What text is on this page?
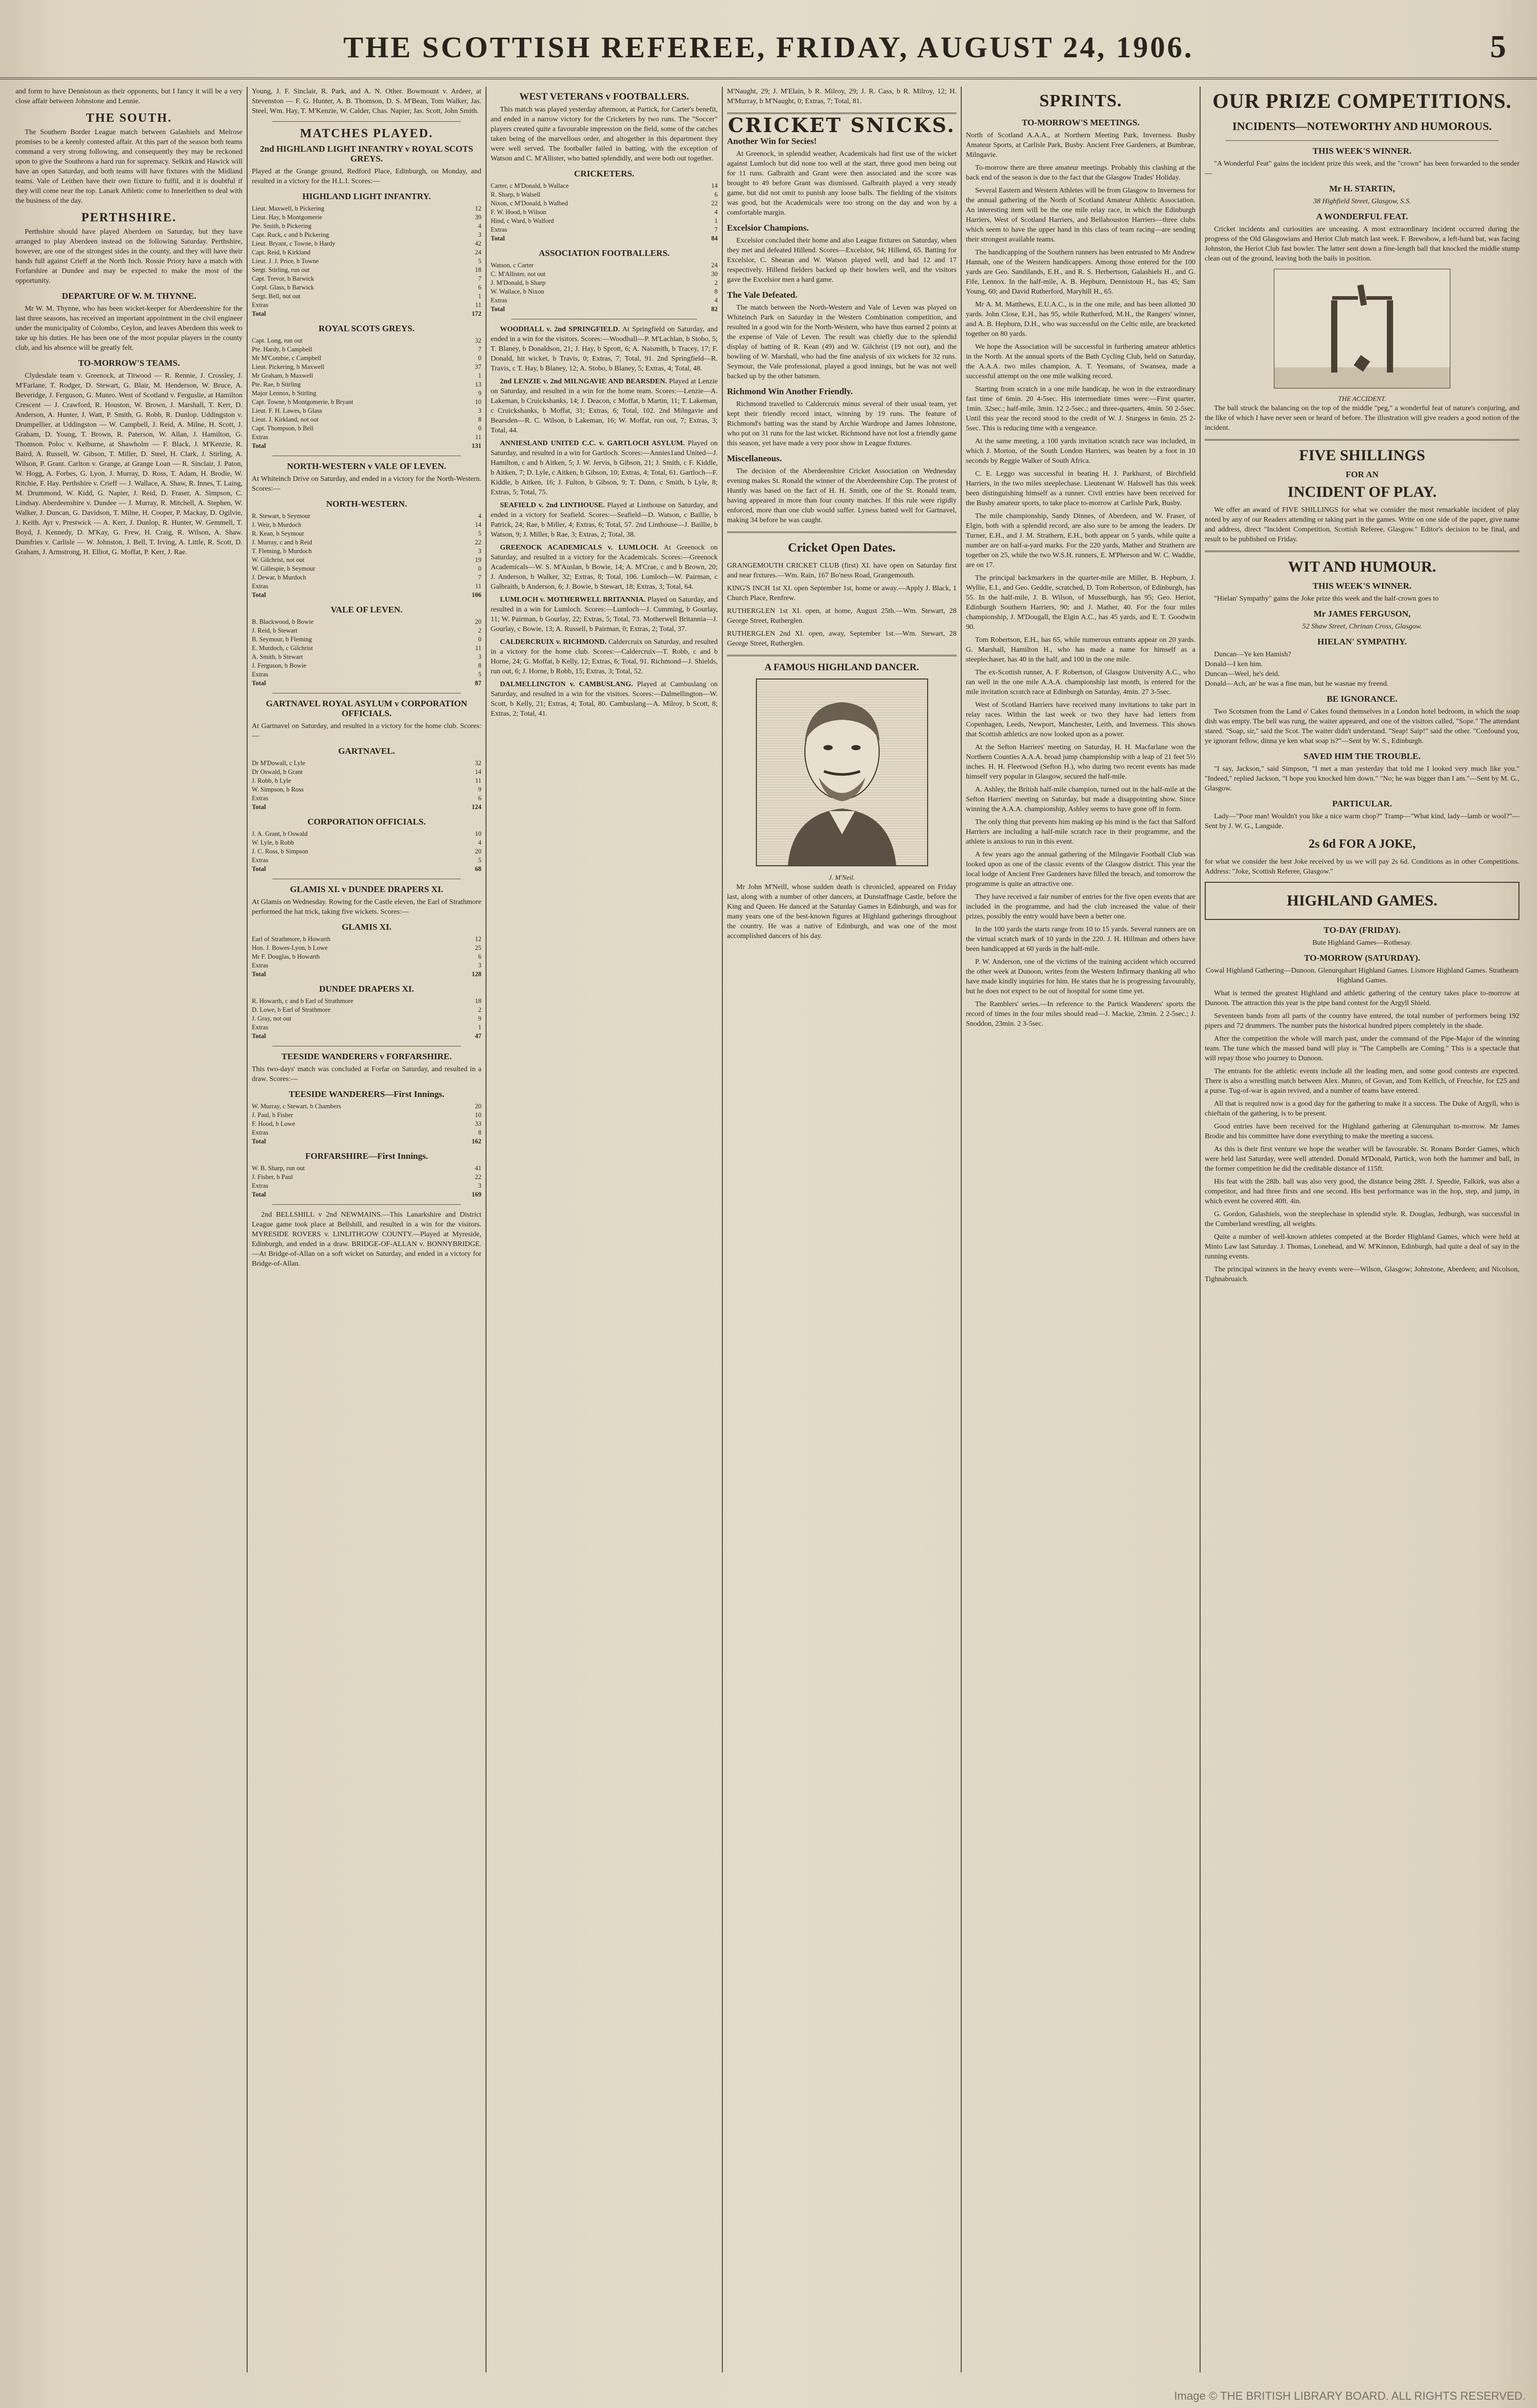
THE SCOTTISH REFEREE, FRIDAY, AUGUST 24, 1906.	5

and form to have Dennistoun as their opponents, but I fancy it will be a very close affair between Johnstone and Lennie.

THE SOUTH.

The Southern Border League match between Galashiels and Melrose promises to be a keenly contested affair. At this part of the season both teams command a very strong following, and consequently they may be reckoned upon to give the Southrons a hard run for supremacy. Selkirk and Hawick will have an open Saturday, and both teams will have fixtures with the Midland teams. Vale of Leithen have their own fixture to fulfil, and it is doubtful if they will come near the top. Lanark Athletic come to Innerleithen to deal with the business of the day.

PERTHSHIRE.

Perthshire should have played Aberdeen on Saturday, but they have arranged to play Aberdeen instead on the following Saturday. Perthshire, however, are one of the strongest sides in the county, and they will have their hands full against Crieff at the North Inch. Rossie Priory have a match with Forfarshire at Dundee and may be expected to make the most of the opportunity.

DEPARTURE OF W. M. THYNNE.

Mr W. M. Thynne, who has been wicket-keeper for Aberdeenshire for the last three seasons, has received an important appointment in the civil engineer under the municipality of Colombo, Ceylon, and leaves Aberdeen this week to take up his duties. He has been one of the most popular players in the county club, and his absence will be greatly felt.

TO-MORROW'S TEAMS.

Clydesdale team v. Greenock, at Titwood — R. Rennie, J. Crossley, J. M'Farlane, T. Rodger, D. Stewart, G. Blair, M. Henderson, W. Bruce, A. Beveridge, J. Ferguson, G. Munro. West of Scotland v. Ferguslie, at Hamilton Crescent — J. Crawford, R. Houston, W. Brown, J. Marshall, T. Kerr, D. Anderson, A. Hunter, J. Watt, P. Smith, G. Robb, R. Dunlop. Uddingston v. Drumpellier, at Uddingston — W. Campbell, J. Reid, A. Milne, H. Scott, J. Graham, D. Young, T. Brown, R. Paterson, W. Allan, J. Hamilton, G. Thomson. Poloc v. Kelburne, at Shawholm — F. Black, J. M'Kenzie, R. Baird, A. Russell, W. Gibson, T. Miller, D. Steel, H. Clark, J. Stirling, A. Wilson, P. Grant. Carlton v. Grange, at Grange Loan — R. Sinclair, J. Paton, W. Hogg, A. Forbes, G. Lyon, J. Murray, D. Ross, T. Adam, H. Brodie, W. Ritchie, F. Hay. Perthshire v. Crieff — J. Wallace, A. Shaw, R. Innes, T. Laing, M. Drummond, W. Kidd, G. Napier, J. Reid, D. Fraser, A. Simpson, C. Lindsay. Aberdeenshire v. Dundee — J. Murray, R. Mitchell, A. Stephen, W. Walker, J. Duncan, G. Davidson, T. Milne, H. Cooper, P. Mackay, D. Ogilvie, J. Keith. Ayr v. Prestwick — A. Kerr, J. Dunlop, R. Hunter, W. Gemmell, T. Boyd, J. Kennedy, D. M'Kay, G. Frew, H. Craig, R. Wilson, A. Shaw. Dumfries v. Carlisle — W. Johnston, J. Bell, T. Irving, A. Little, R. Scott, D. Graham, J. Armstrong, H. Elliot, G. Moffat, P. Kerr, J. Rae.

Young, J. F. Sinclair, R. Park, and A. N. Other. Bowmount v. Ardeer, at Stevenston — F. G. Hunter, A. B. Thomson, D. S. M'Bean, Tom Walker, Jas. Steel, Wm. Hay, T. M'Kenzie, W. Calder, Chas. Napier, Jas. Scott, John Smith.

MATCHES PLAYED.
2nd HIGHLAND LIGHT INFANTRY v ROYAL SCOTS GREYS.

Played at the Grange ground, Redford Place, Edinburgh, on Monday, and resulted in a victory for the H.L.I. Scores:—

HIGHLAND LIGHT INFANTRY.
Lieut. Maxwell, b Pickering	12
Lieut. Hay, b Montgomerie	39
Pte. Smith, b Pickering	4
Capt. Ruck, c and b Pickering	3
Lieut. Bryant, c Towne, b Hardy	42
Capt. Reid, b Kirkland	24
Lieut. J. J. Price, b Towne	5
Sergt. Stirling, run out	18
Capt. Trevor, b Barwick	7
Corpl. Glass, b Barwick	6
Sergt. Bell, not out	1
Extras	11
Total	172
ROYAL SCOTS GREYS.
Capt. Long, run out	32
Pte. Hardy, b Campbell	7
Mr M'Combie, c Campbell	0
Lieut. Pickering, b Maxwell	37
Mr Graham, b Maxwell	1
Pte. Rae, b Stirling	13
Major Lennox, b Stirling	9
Capt. Towne, b Montgomerie, b Bryant	10
Lieut. F. H. Lawes, b Glass	3
Lieut. J. Kirkland, not out	8
Capt. Thompson, b Bell	0
Extras	11
Total	131
NORTH-WESTERN v VALE OF LEVEN.

At Whiteinch Drive on Saturday, and ended in a victory for the North-Western. Scores:—

NORTH-WESTERN.
R. Stewart, b Seymour	4
J. Weir, b Murdoch	14
R. Kean, b Seymour	5
J. Murray, c and b Reid	22
T. Fleming, b Murdoch	3
W. Gilchrist, not out	19
W. Gillespie, b Seymour	0
J. Dewar, b Murdoch	7
Extras	11
Total	106
VALE OF LEVEN.
B. Blackwood, b Bowie	20
J. Reid, b Stewart	2
B. Seymour, b Fleming	0
E. Murdoch, c Gilchrist	11
A. Smith, b Stewart	3
J. Ferguson, b Bowie	8
Extras	5
Total	87
GARTNAVEL ROYAL ASYLUM v CORPORATION OFFICIALS.

At Gartnavel on Saturday, and resulted in a victory for the home club. Scores:—

GARTNAVEL.
Dr M'Dowall, c Lyle	32
Dr Oswald, b Grant	14
J. Robb, b Lyle	11
W. Simpson, b Ross	9
Extras	6
Total	124
CORPORATION OFFICIALS.
J. A. Grant, b Oswald	10
W. Lyle, b Robb	4
J. C. Ross, b Simpson	20
Extras	5
Total	68
GLAMIS XI. v DUNDEE DRAPERS XI.

At Glamis on Wednesday. Rowing for the Castle eleven, the Earl of Strathmore performed the hat trick, taking five wickets. Scores:—

GLAMIS XI.
Earl of Strathmore, b Howarth	12
Hon. J. Bowes-Lyon, b Lowe	25
Mr F. Douglas, b Howarth	6
Extras	3
Total	128
DUNDEE DRAPERS XI.
R. Howarth, c and b Earl of Strathmore	18
D. Lowe, b Earl of Strathmore	2
J. Gray, not out	9
Extras	1
Total	47
TEESIDE WANDERERS v FORFARSHIRE.

This two-days' match was concluded at Forfar on Saturday, and resulted in a draw. Scores:—

TEESIDE WANDERERS—First Innings.
W. Murray, c Stewart, b Chambers	20
J. Paul, b Fisher	10
F. Hood, b Lowe	33
Extras	8
Total	162
FORFARSHIRE—First Innings.
W. B. Sharp, run out	41
J. Fisher, b Paul	22
Extras	3
Total	169

2nd BELLSHILL v 2nd NEWMAINS.—This Lanarkshire and District League game took place at Bellshill, and resulted in a win for the visitors. MYRESIDE ROVERS v. LINLITHGOW COUNTY.—Played at Myreside, Edinburgh, and ended in a draw. BRIDGE-OF-ALLAN v. BONNYBRIDGE.—At Bridge-of-Allan on a soft wicket on Saturday, and ended in a victory for Bridge-of-Allan.

WEST VETERANS v FOOTBALLERS.

This match was played yesterday afternoon, at Partick, for Carter's benefit, and ended in a narrow victory for the Cricketers by two runs. The "Soccer" players created quite a favourable impression on the field, some of the catches taken being of the marvellous order, and altogether in this department they were well served. The footballer failed in batting, with the exception of Watson and C. M'Allister, who batted splendidly, and were both out together.

CRICKETERS.
Carter, c M'Donald, b Wallace	14
R. Sharp, b Walsell	6
Nixon, c M'Donald, b Walbed	22
F. W. Hood, b Wilson	4
Hind, c Ward, b Walford	1
Extras	7
Total	84
ASSOCIATION FOOTBALLERS.
Watson, c Carter	24
C. M'Allister, not out	30
J. M'Donald, b Sharp	2
W. Wallace, b Nixon	8
Extras	4
Total	82

WOODHALL v. 2nd SPRINGFIELD. At Springfield on Saturday, and ended in a win for the visitors. Scores:—Woodhall—P. M'Lachlan, b Stobo, 5; T. Blaney, b Donaldson, 21; J. Hay, b Sprott, 6; A. Naismith, b Tracey, 17; F. Donald, hit wicket, b Travis, 0; Extras, 7; Total, 91. 2nd Springfield—R. Travis, c T. Hay, b Blaney, 12; A. Stobo, b Blaney, 5; Extras, 4; Total, 48.

2nd LENZIE v. 2nd MILNGAVIE AND BEARSDEN. Played at Lenzie on Saturday, and resulted in a win for the home team. Scores:—Lenzie—A. Lakeman, b Cruickshanks, 14; J. Deacon, c Moffat, b Martin, 11; T. Lakeman, c Cruickshanks, b Moffat, 31; Extras, 6; Total, 102. 2nd Milngavie and Bearsden—R. C. Wilson, b Lakeman, 16; W. Moffat, run out, 7; Extras, 3; Total, 44.

ANNIESLAND UNITED C.C. v. GARTLOCH ASYLUM. Played on Saturday, and resulted in a win for Gartloch. Scores:—Annies1and United—J. Hamilton, c and b Aitken, 5; J. W. Jervis, b Gibson, 21; J. Smith, c F. Kiddle, b Aitken, 7; D. Lyle, c Aitken, b Gibson, 10; Extras, 4; Total, 61. Gartloch—F. Kiddle, b Aitken, 16; J. Fulton, b Gibson, 9; T. Dunn, c Smith, b Lyle, 8; Extras, 5; Total, 75.

SEAFIELD v. 2nd LINTHOUSE. Played at Linthouse on Saturday, and ended in a victory for Seafield. Scores:—Seafield—D. Watson, c Baillie, b Patrick, 24; Rae, b Miller, 4; Extras, 6; Total, 57. 2nd Linthouse—J. Baillie, b Watson, 9; J. Miller, b Rae, 3; Extras, 2; Total, 38.

GREENOCK ACADEMICALS v. LUMLOCH. At Greenock on Saturday, and resulted in a victory for the Academicals. Scores:—Greenock Academicals—W. S. M'Auslan, b Bowie, 14; A. M'Crae, c and b Brown, 20; J. Anderson, b Walker, 32; Extras, 8; Total, 106. Lumloch—W. Pairman, c Galbraith, b Anderson, 6; J. Bowie, b Stewart, 18; Extras, 3; Total, 64.

LUMLOCH v. MOTHERWELL BRITANNIA. Played on Saturday, and resulted in a win for Lumloch. Scores:—Lumloch—J. Cumming, b Gourlay, 11; W. Pairman, b Gourlay, 22; Extras, 5; Total, 73. Motherwell Britannia—J. Gourlay, c Bowie, 13; A. Russell, b Pairman, 0; Extras, 2; Total, 37.

CALDERCRUIX v. RICHMOND. Caldercruix on Saturday, and resulted in a victory for the home club. Scores:—Caldercruix—T. Robb, c and b Horne, 24; G. Moffat, b Kelly, 12; Extras, 6; Total, 91. Richmond—J. Shields, run out, 6; J. Horne, b Robb, 15; Extras, 3; Total, 52.

DALMELLINGTON v. CAMBUSLANG. Played at Cambuslang on Saturday, and resulted in a win for the visitors. Scores:—Dalmellington—W. Scott, b Kelly, 21; Extras, 4; Total, 80. Cambuslang—A. Milroy, b Scott, 8; Extras, 2; Total, 41.

M'Naught, 29; J. M'Elain, b R. Milroy, 29; J. R. Cass, b R. Milroy, 12; H. M'Murray, b M'Naught, 0; Extras, 7; Total, 81.

CRICKET SNICKS.
Another Win for Secies!

At Greenock, in splendid weather, Academicals had first use of the wicket against Lumloch but did none too well at the start, three good men being out for 11 runs. Galbraith and Grant were then associated and the score was brought to 49 before Grant was dismissed. Galbraith played a very steady game, but did not omit to punish any loose balls. The fielding of the visitors was good, but the Academicals were too strong on the day and won by a comfortable margin.

Excelsior Champions.

Excelsior concluded their home and also League fixtures on Saturday, when they met and defeated Hillend. Scores—Excelsior, 94; Hillend, 65. Batting for Excelsior, C. Shearan and W. Watson played well, and had 12 and 17 respectively. Hillend fielders backed up their bowlers well, and the visitors gave the Excelsior men a hard game.

The Vale Defeated.

The match between the North-Western and Vale of Leven was played on Whiteinch Park on Saturday in the Western Combination competition, and resulted in a good win for the North-Western, who have thus earned 2 points at the expense of Vale of Leven. The result was chiefly due to the splendid display of batting of R. Kean (49) and W. Gilchrist (19 not out), and the bowling of W. Marshall, who had the fine analysis of six wickets for 32 runs. Seymour, the Vale professional, played a good innings, but he was not well backed up by the other batsmen.

Richmond Win Another Friendly.

Richmond travelled to Caldercruix minus several of their usual team, yet kept their friendly record intact, winning by 19 runs. The feature of Richmond's batting was the stand by Archie Wardrope and James Johnstone, who put on 31 runs for the last wicket. Richmond have not lost a friendly game this season, yet have made a very poor show in League fixtures.

Miscellaneous.

The decision of the Aberdeenshire Cricket Association on Wednesday evening makes St. Ronald the winner of the Aberdeenshire Cup. The protest of Huntly was based on the fact of H. H. Smith, one of the St. Ronald team, having appeared in more than four county matches. If this rule were rigidly enforced, more than one club would suffer. Lyness batted well for Gartnavel, making 34 before he was caught.

Cricket Open Dates.

GRANGEMOUTH CRICKET CLUB (first) XI. have open on Saturday first and near fixtures.—Wm. Rain, 167 Bo'ness Road, Grangemouth.

KING'S INCH 1st XI. open September 1st, home or away.—Apply J. Black, 1 Church Place, Renfrew.

RUTHERGLEN 1st XI. open, at home, August 25th.—Wm. Stewart, 28 George Street, Rutherglen.

RUTHERGLEN 2nd XI. open, away, September 1st.—Wm. Stewart, 28 George Street, Rutherglen.

A FAMOUS HIGHLAND DANCER.
J. M'Neil.

Mr John M'Neill, whose sudden death is chronicled, appeared on Friday last, along with a number of other dancers, at Dunstaffnage Castle, before the King and Queen. He danced at the Saturday Games in Edinburgh, and was for many years one of the best-known figures at Highland gatherings throughout the country. He was a native of Edinburgh, and was one of the most accomplished dancers of his day.

SPRINTS.
TO-MORROW'S MEETINGS.

North of Scotland A.A.A., at Northern Meeting Park, Inverness. Busby Amateur Sports, at Carlisle Park, Busby. Ancient Free Gardeners, at Bumbrae, Milngavie.

To-morrow there are three amateur meetings. Probably this clashing at the back end of the season is due to the fact that the Glasgow Trades' Holiday.

Several Eastern and Western Athletes will be from Glasgow to Inverness for the annual gathering of the North of Scotland Amateur Athletic Association. An interesting item will be the one mile relay race, in which the Edinburgh Harriers, West of Scotland Harriers, and Bellahouston Harriers—three clubs which seem to have the upper hand in this class of team racing—are sending their strongest available teams.

The handicapping of the Southern runners has been entrusted to Mr Andrew Hannah, one of the Western handicappers. Among those entered for the 100 yards are Geo. Sandilands, E.H., and R. S. Herbertson, Galashiels H., and G. Fife, Lennox. In the half-mile, A. B. Hepburn, Dennistoun H., has 45; Sam Young, 60; and David Rutherford, Maryhill H., 65.

Mr A. M. Matthews, E.U.A.C., is in the one mile, and has been allotted 30 yards. John Close, E.H., has 95, while Rutherford, M.H., the Rangers' winner, and A. B. Hepburn, D.H., who was successful on the Celtic mile, are bracketed together on 80 yards.

We hope the Association will be successful in furthering amateur athletics in the North. At the annual sports of the Bath Cycling Club, held on Saturday, the A.A.A. two miles champion, A. T. Yeomans, of Swansea, made a successful attempt on the one mile walking record.

Starting from scratch in a one mile handicap, he won in the extraordinary fast time of 6min. 20 4-5sec. His intermediate times were:—First quarter, 1min. 32sec.; half-mile, 3min. 12 2-5sec.; and three-quarters, 4min. 50 2-5sec. Until this year the record stood to the credit of W. J. Sturgess in 6min. 25 2-5sec. This is reducing time with a vengeance.

At the same meeting, a 100 yards invitation scratch race was included, in which J. Morton, of the South London Harriers, was beaten by a foot in 10 seconds by Reggie Walker of South Africa.

C. E. Leggo was successful in beating H. J. Parkhurst, of Birchfield Harriers, in the two miles steeplechase. Lieutenant W. Halswell has this week been distinguishing himself as a runner. Civil entries have been received for the Busby amateur sports, to take place to-morrow at Carlisle Park, Busby.

The mile championship, Sandy Dinnes, of Aberdeen, and W. Fraser, of Elgin, both with a splendid record, are also sure to be among the leaders. Dr Turner, E.H., and J. M. Strathern, E.H., both appear on 5 yards, while quite a number are on half-a-yard marks. For the 220 yards, Mather and Strathern are together on 25, while the two W.S.H. runners, E. M'Pherson and W. C. Waddie, are on 17.

The principal backmarkers in the quarter-mile are Miller, B. Hepburn, J. Wyllie, E.I., and Geo. Geddie, scratched, D. Tom Robertson, of Edinburgh, has 55. In the half-mile, J. B. Wilson, of Musselburgh, has 95; Geo. Heriot, Edinburgh Southern Harriers, 90; and J. Mather, 40. For the four miles championship, J. M'Dougall, the Elgin A.C., has 45 yards, and E. T. Goodwin 90.

Tom Robertson, E.H., has 65, while numerous entrants appear on 20 yards. G. Marshall, Hamilton H., who has made a name for himself as a steeplechaser, has 40 in the half, and 100 in the one mile.

The ex-Scottish runner, A. F. Robertson, of Glasgow University A.C., who ran well in the one mile A.A.A. championship last month, is entered for the mile invitation scratch race at Edinburgh on Saturday, 4min. 27 3-5sec.

West of Scotland Harriers have received many invitations to take part in relay races. Within the last week or two they have had letters from Copenhagen, Leeds, Newport, Manchester, Leith, and Inverness. This shows that Scottish athletics are now looked upon as a power.

At the Sefton Harriers' meeting on Saturday, H. H. Macfarlane won the Northern Counties A.A.A. broad jump championship with a leap of 21 feet 5½ inches. H. H. Fleetwood (Sefton H.), who during two recent events has made himself very popular in Glasgow, secured the half-mile.

A. Ashley, the British half-mile champion, turned out in the half-mile at the Sefton Harriers' meeting on Saturday, but made a disappointing show. Since winning the A.A.A. championship, Ashley seems to have gone off in form.

The only thing that prevents him making up his mind is the fact that Salford Harriers are including a half-mile scratch race in their programme, and the athlete is anxious to run in this event.

A few years ago the annual gathering of the Milngavie Football Club was looked upon as one of the classic events of the Glasgow district. This year the local lodge of Ancient Free Gardeners have filled the breach, and tomorrow the programme is quite an attractive one.

They have received a fair number of entries for the five open events that are included in the programme, and had the club increased the value of their prizes, possibly the entry would have been a better one.

In the 100 yards the starts range from 10 to 15 yards. Several runners are on the virtual scratch mark of 10 yards in the 220. J. H. Hillman and others have been handicapped at 60 yards in the half-mile.

P. W. Anderson, one of the victims of the training accident which occurred the other week at Dunoon, writes from the Western Infirmary thanking all who have made kindly inquiries for him. He states that he is progressing favourably, but he does not expect to be out of hospital for some time yet.

The Ramblers' series.—In reference to the Partick Wanderers' sports the record of times in the four miles should read—J. Mackie, 23min. 2 2-5sec.; J. Snoddon, 23min. 2 3-5sec.

OUR PRIZE COMPETITIONS.
INCIDENTS—NOTEWORTHY AND HUMOROUS.
THIS WEEK'S WINNER.

"A Wonderful Feat" gains the incident prize this week, and the "crown" has been forwarded to the sender—

Mr H. STARTIN,
38 Highfield Street, Glasgow, S.S.
A WONDERFUL FEAT.

Cricket incidents and curiosities are unceasing. A most extraordinary incident occurred during the progress of the Old Glasgowians and Heriot Club match last week. F. Brewsbow, a left-hand bat, was facing Johnston, the Heriot Club fast bowler. The latter sent down a fine-length ball that knocked the middle stump clean out of the ground, leaving both the bails in position.

THE ACCIDENT.

The ball struck the balancing on the top of the middle "peg," a wonderful feat of nature's conjuring, and the like of which I have never seen or heard of before. The illustration will give readers a good notion of the incident.

FIVE SHILLINGS
FOR AN
INCIDENT OF PLAY.

We offer an award of FIVE SHILLINGS for what we consider the most remarkable incident of play noted by any of our Readers attending or taking part in the games. Write on one side of the paper, give name and address, direct "Incident Competition, Scottish Referee, Glasgow." Editor's decision to be final, and result to be published on Friday.

WIT AND HUMOUR.
THIS WEEK'S WINNER.

"Hielan' Sympathy" gains the Joke prize this week and the half-crown goes to

Mr JAMES FERGUSON,
52 Shaw Street, Chrinan Cross, Glasgow.
HIELAN' SYMPATHY.

Duncan—Ye ken Hamish?
Donald—I ken him.
Duncan—Weel, he's deid.
Donald—Ach, an' he was a fine man, but he wasnae my freend.

BE IGNORANCE.

Two Scotsmen from the Land o' Cakes found themselves in a London hotel bedroom, in which the soap dish was empty. The bell was rung, the waiter appeared, and one of the visitors called, "Sope." The attendant stared. "Soap, sir," said the Scot. The waiter didn't understand. "Seap! Saip!" said the other. "Confound you, ye ignorant fellow, dinna ye ken what soap is?"—Sent by W. S., Edinburgh.

SAVED HIM THE TROUBLE.

"I say, Jackson," said Simpson, "I met a man yesterday that told me I looked very much like you." "Indeed," replied Jackson, "I hope you knocked him down." "No; he was bigger than I am."—Sent by M. G., Glasgow.

PARTICULAR.

Lady—"Poor man! Wouldn't you like a nice warm chop?" Tramp—"What kind, lady—lamb or wool?"—Sent by J. W. G., Langside.

2s 6d FOR A JOKE,

for what we consider the best Joke received by us we will pay 2s 6d. Conditions as in other Competitions. Address: "Joke, Scottish Referee, Glasgow."

HIGHLAND GAMES.
TO-DAY (FRIDAY).

Bute Highland Games—Rothesay.

TO-MORROW (SATURDAY).

Cowal Highland Gathering—Dunoon. Glenurquhart Highland Games. Lismore Highland Games. Strathearn Highland Games.

What is termed the greatest Highland and athletic gathering of the century takes place to-morrow at Dunoon. The attraction this year is the pipe band contest for the Argyll Shield.

Seventeen bands from all parts of the country have entered, the total number of performers being 192 pipers and 72 drummers. The number puts the historical hundred pipers completely in the shade.

After the competition the whole will march past, under the command of the Pipe-Major of the winning team. The tune which the massed band will play is "The Campbells are Coming." This is a spectacle that will repay those who journey to Dunoon.

The entrants for the athletic events include all the leading men, and some good contests are expected. There is also a wrestling match between Alex. Munro, of Govan, and Tom Kellich, of Freuchie, for £25 and a purse. Tug-of-war is again revived, and a number of teams have entered.

All that is required now is a good day for the gathering to make it a success. The Duke of Argyll, who is chieftain of the gathering, is to be present.

Good entries have been received for the Highland gathering at Glenurquhart to-morrow. Mr James Brodie and his committee have done everything to make the meeting a success.

As this is their first venture we hope the weather will be favourable. St. Ronans Border Games, which were held last Saturday, were well attended. Donald M'Donald, Partick, won both the hammer and ball, in the former competition he did the creditable distance of 115ft.

His feat with the 28lb. ball was also very good, the distance being 28ft. J. Speedie, Falkirk, was also a competitor, and had three firsts and one second. His best performance was in the hop, step, and jump, in which event he covered 40ft. 4in.

G. Gordon, Galashiels, won the steeplechase in splendid style. R. Douglas, Jedburgh, was successful in the Cumberland wrestling, all weights.

Quite a number of well-known athletes competed at the Border Highland Games, which were held at Minto Law last Saturday. J. Thomas, Lonehead, and W. M'Kinnon, Edinburgh, had quite a deal of say in the running events.

The principal winners in the heavy events were—Wilson, Glasgow; Johnstone, Aberdeen; and Nicolson, Tighnabruaich.

Image © THE BRITISH LIBRARY BOARD. ALL RIGHTS RESERVED.
